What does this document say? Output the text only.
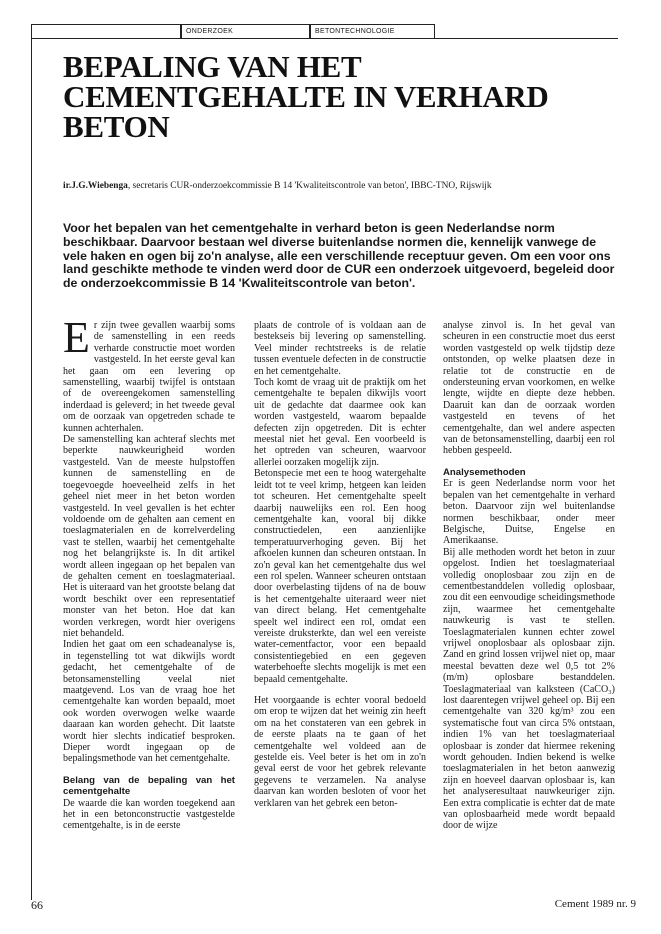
ONDERZOEK	BETONTECHNOLOGIE
BEPALING VAN HET CEMENTGEHALTE IN VERHARD BETON

ir.J.G.Wiebenga, secretaris CUR-onderzoekcommissie B 14 'Kwaliteitscontrole van beton', IBBC-TNO, Rijswijk

Voor het bepalen van het cementgehalte in verhard beton is geen Nederlandse norm beschikbaar. Daarvoor bestaan wel diverse buitenlandse normen die, kennelijk vanwege de vele haken en ogen bij zo'n analyse, alle een verschillende receptuur geven. Om een voor ons land geschikte methode te vinden werd door de CUR een onderzoek uitgevoerd, begeleid door de onderzoekcommissie B 14 'Kwaliteitscontrole van beton'.

Er zijn twee gevallen waarbij soms de samenstelling in een reeds verharde constructie moet worden vastgesteld. In het eerste geval kan het gaan om een levering op samenstelling, waarbij twijfel is ontstaan of de overeengekomen samenstelling inderdaad is geleverd; in het tweede geval om de oorzaak van opgetreden schade te kunnen achterhalen.

De samenstelling kan achteraf slechts met beperkte nauwkeurigheid worden vastgesteld. Van de meeste hulpstoffen kunnen de samenstelling en de toegevoegde hoeveelheid zelfs in het geheel niet meer in het beton worden vastgesteld. In veel gevallen is het echter voldoende om de gehalten aan cement en toeslagmaterialen en de korrelverdeling vast te stellen, waarbij het cementgehalte nog het belangrijkste is. In dit artikel wordt alleen ingegaan op het bepalen van de gehalten cement en toeslagmateriaal. Het is uiteraard van het grootste belang dat wordt beschikt over een representatief monster van het beton. Hoe dat kan worden verkregen, wordt hier overigens niet behandeld.

Indien het gaat om een schadeanalyse is, in tegenstelling tot wat dikwijls wordt gedacht, het cementgehalte of de betonsamenstelling veelal niet maatgevend. Los van de vraag hoe het cementgehalte kan worden bepaald, moet ook worden overwogen welke waarde daaraan kan worden gehecht. Dit laatste wordt hier slechts indicatief besproken. Dieper wordt ingegaan op de bepalingsmethode van het cementgehalte.

Belang van de bepaling van het cementgehalte

De waarde die kan worden toegekend aan het in een betonconstructie vastgestelde cementgehalte, is in de eerste

plaats de controle of is voldaan aan de bestekseis bij levering op samenstelling. Veel minder rechtstreeks is de relatie tussen eventuele defecten in de constructie en het cementgehalte.

Toch komt de vraag uit de praktijk om het cementgehalte te bepalen dikwijls voort uit de gedachte dat daarmee ook kan worden vastgesteld, waarom bepaalde defecten zijn opgetreden. Dit is echter meestal niet het geval. Een voorbeeld is het optreden van scheuren, waarvoor allerlei oorzaken mogelijk zijn.

Betonspecie met een te hoog watergehalte leidt tot te veel krimp, hetgeen kan leiden tot scheuren. Het cementgehalte speelt daarbij nauwelijks een rol. Een hoog cementgehalte kan, vooral bij dikke constructiedelen, een aanzienlijke temperatuurverhoging geven. Bij het afkoelen kunnen dan scheuren ontstaan. In zo'n geval kan het cementgehalte dus wel een rol spelen. Wanneer scheuren ontstaan door overbelasting tijdens of na de bouw is het cementgehalte uiteraard weer niet van direct belang. Het cementgehalte speelt wel indirect een rol, omdat een vereiste druksterkte, dan wel een vereiste water-cementfactor, voor een bepaald consistentiegebied en een gegeven waterbehoefte slechts mogelijk is met een bepaald cementgehalte.

Het voorgaande is echter vooral bedoeld om erop te wijzen dat het weinig zin heeft om na het constateren van een gebrek in de eerste plaats na te gaan of het cementgehalte wel voldeed aan de gestelde eis. Veel beter is het om in zo'n geval eerst de voor het gebrek relevante gegevens te verzamelen. Na analyse daarvan kan worden besloten of voor het verklaren van het gebrek een beton-

analyse zinvol is. In het geval van scheuren in een constructie moet dus eerst worden vastgesteld op welk tijdstip deze ontstonden, op welke plaatsen deze in relatie tot de constructie en de ondersteuning ervan voorkomen, en welke lengte, wijdte en diepte deze hebben. Daaruit kan dan de oorzaak worden vastgesteld en tevens of het cementgehalte, dan wel andere aspecten van de betonsamenstelling, daarbij een rol hebben gespeeld.

Analysemethoden

Er is geen Nederlandse norm voor het bepalen van het cementgehalte in verhard beton. Daarvoor zijn wel buitenlandse normen beschikbaar, onder meer Belgische, Duitse, Engelse en Amerikaanse.

Bij alle methoden wordt het beton in zuur opgelost. Indien het toeslagmateriaal volledig onoplosbaar zou zijn en de cementbestanddelen volledig oplosbaar, zou dit een eenvoudige scheidingsmethode zijn, waarmee het cementgehalte nauwkeurig is vast te stellen. Toeslagmaterialen kunnen echter zowel vrijwel onoplosbaar als oplosbaar zijn. Zand en grind lossen vrijwel niet op, maar meestal bevatten deze wel 0,5 tot 2% (m/m) oplosbare bestanddelen. Toeslagmateriaal van kalksteen (CaCO₃) lost daarentegen vrijwel geheel op. Bij een cementgehalte van 320 kg/m³ zou een systematische fout van circa 5% ontstaan, indien 1% van het toeslagmateriaal oplosbaar is zonder dat hiermee rekening wordt gehouden. Indien bekend is welke toeslagmaterialen in het beton aanwezig zijn en hoeveel daarvan oplosbaar is, kan het analyseresultaat nauwkeuriger zijn. Een extra complicatie is echter dat de mate van oplosbaarheid mede wordt bepaald door de wijze

66	Cement 1989 nr. 9
